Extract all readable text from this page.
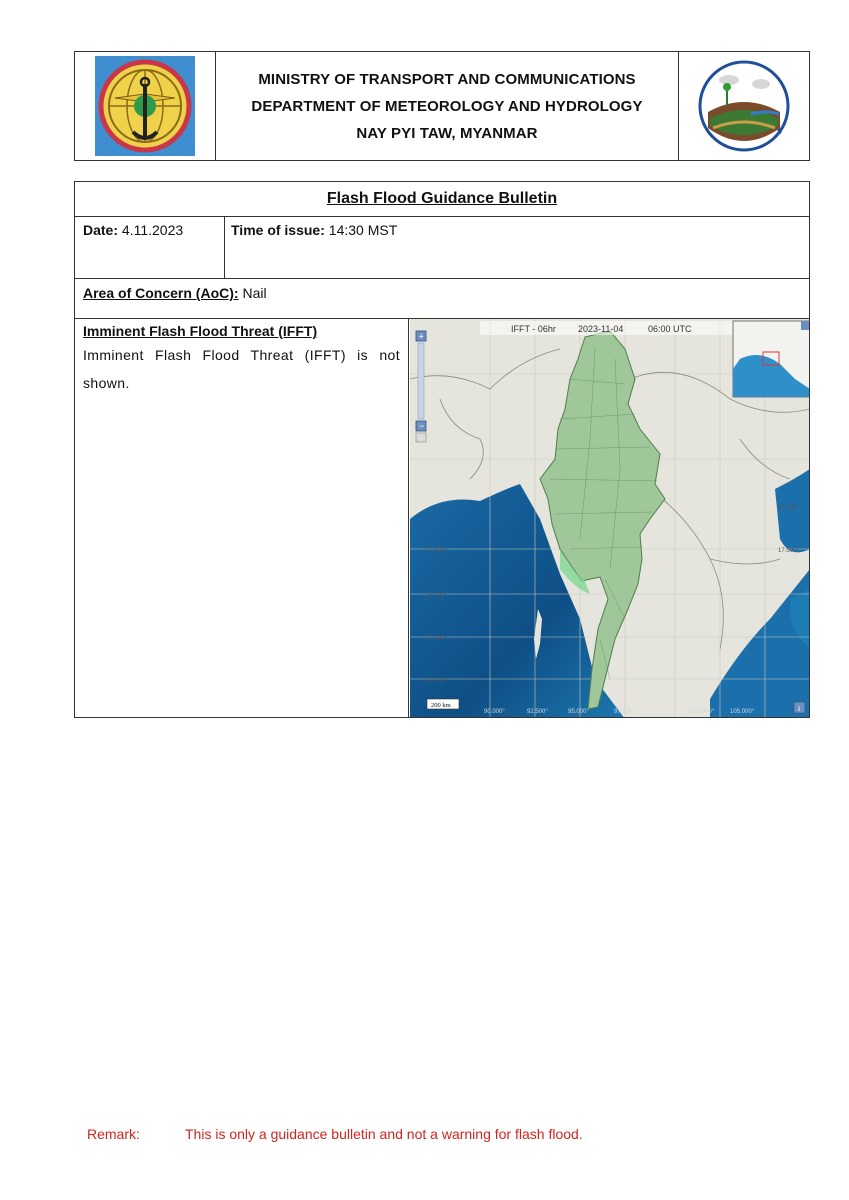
MINISTRY OF TRANSPORT AND COMMUNICATIONS
DEPARTMENT OF METEOROLOGY AND HYDROLOGY
NAY PYI TAW, MYANMAR
Flash Flood Guidance Bulletin
Date: 4.11.2023	Time of issue: 14:30 MST
Area of Concern (AoC): Nail
Imminent Flash Flood Threat (IFFT)
Imminent Flash Flood Threat (IFFT) is not shown.
IFFT - 06hr 2023-11-04	06:00 UTC
+
−
17.500°
15.000°
12.500°
10.000°
20.000°
17.500°
90.000°	92.500°	95.000°	97.500°	102.500°	105.000°
200 km	i
Remark:	This is only a guidance bulletin and not a warning for flash flood.
